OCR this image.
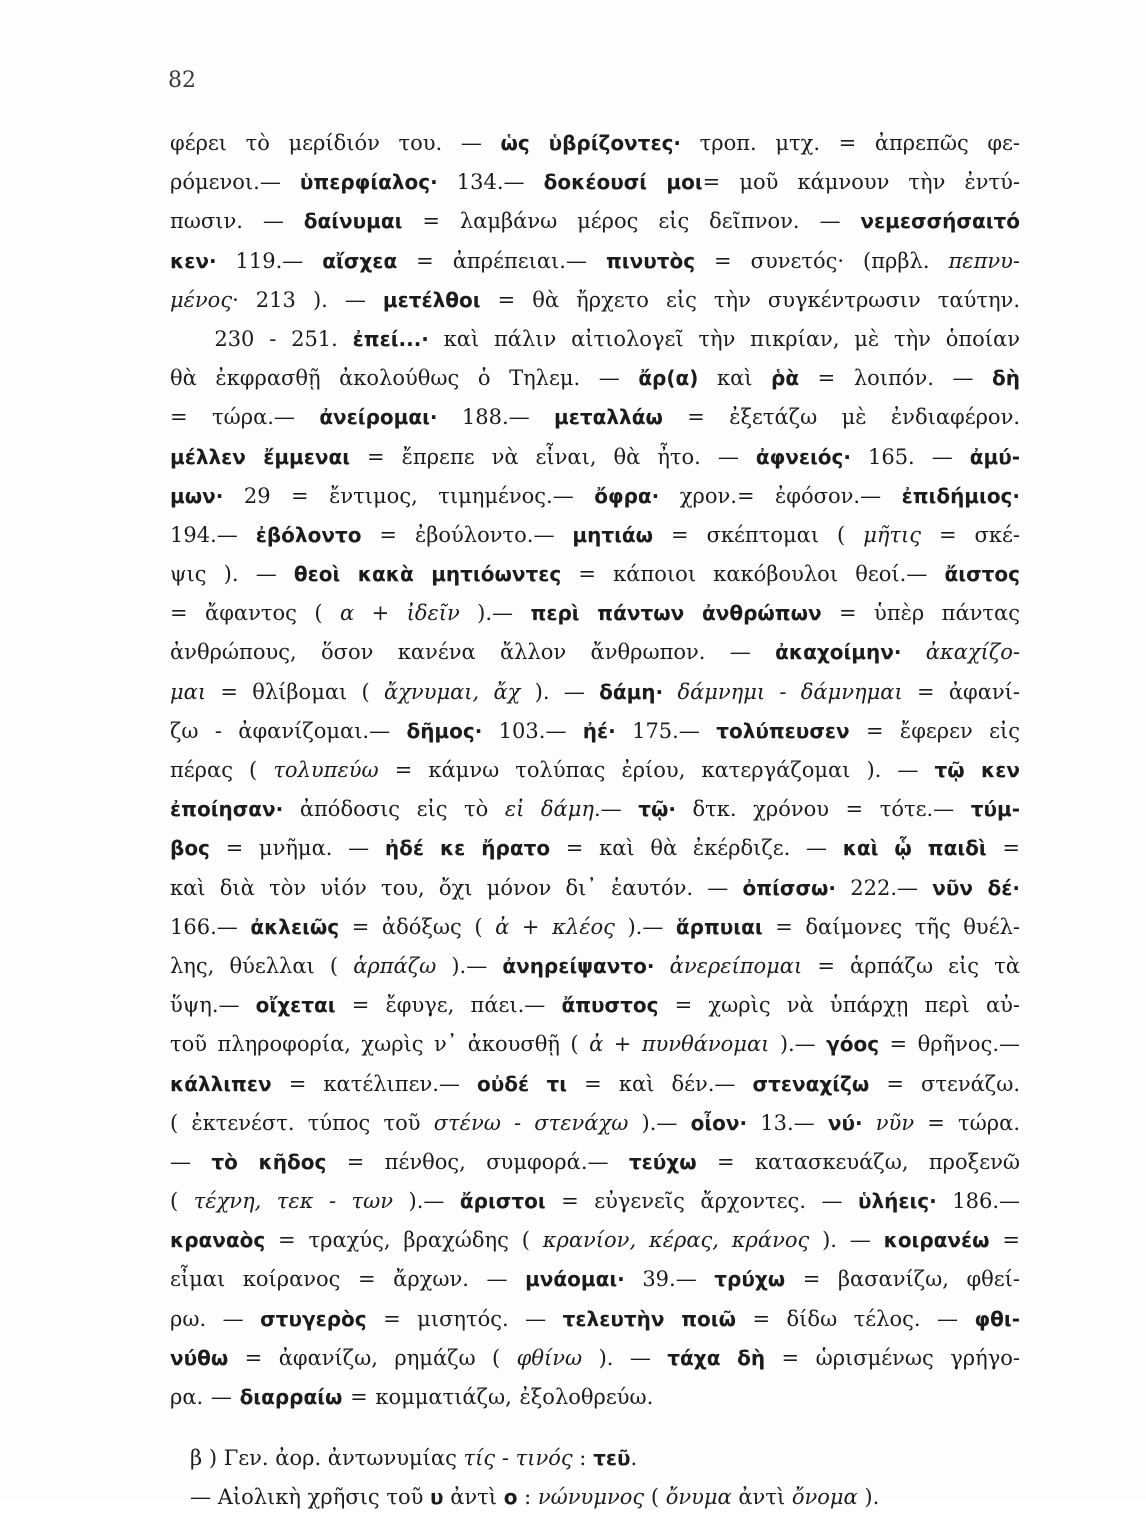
82
φέρει τὸ μερίδιόν του. — ὡς ὑβρίζοντες· τροπ. μτχ. = ἀπρεπῶς φε-
ρόμενοι.— ὑπερφίαλος· 134.— δοκέουσί μοι= μοῦ κάμνουν τὴν ἐντύ-
πωσιν. — δαίνυμαι = λαμβάνω μέρος εἰς δεῖπνον. — νεμεσσήσαιτό
κεν· 119.— αἴσχεα = ἀπρέπειαι.— πινυτὸς = συνετός· (πρβλ. πεπνυ-
μένος· 213 ). — μετέλθοι = θὰ ἤρχετο εἰς τὴν συγκέντρωσιν ταύτην.
230 - 251. ἐπεί...· καὶ πάλιν αἰτιολογεῖ τὴν πικρίαν, μὲ τὴν ὁποίαν
θὰ ἐκφρασθῇ ἀκολούθως ὁ Τηλεμ. — ἄρ(α) καὶ ῥὰ = λοιπόν. — δὴ
= τώρα.— ἀνείρομαι· 188.— μεταλλάω = ἐξετάζω μὲ ἐνδιαφέρον.
μέλλεν ἔμμεναι = ἔπρεπε νὰ εἶναι, θὰ ἦτο. — ἀφνειός· 165. — ἀμύ-
μων· 29 = ἔντιμος, τιμημένος.— ὄφρα· χρον.= ἐφόσον.— ἐπιδήμιος·
194.— ἐβόλοντο = ἐβούλοντο.— μητιάω = σκέπτομαι ( μῆτις = σκέ-
ψις ). — θεοὶ κακὰ μητιόωντες = κάποιοι κακόβουλοι θεοί.— ἄιστος
= ἄφαντος ( α + ἰδεῖν ).— περὶ πάντων ἀνθρώπων = ὑπὲρ πάντας
ἀνθρώπους, ὅσον κανένα ἄλλον ἄνθρωπον. — ἀκαχοίμην· ἀκαχίζο-
μαι = θλίβομαι ( ἄχνυμαι, ἄχ ). — δάμη· δάμνημι - δάμνημαι = ἀφανί-
ζω - ἀφανίζομαι.— δῆμος· 103.— ἠέ· 175.— τολύπευσεν = ἔφερεν εἰς
πέρας ( τολυπεύω = κάμνω τολύπας ἐρίου, κατεργάζομαι ). — τῷ κεν
ἐποίησαν· ἀπόδοσις εἰς τὸ εἰ δάμη.— τῷ· δτκ. χρόνου = τότε.— τύμ-
βος = μνῆμα. — ἠδέ κε ἤρατο = καὶ θὰ ἐκέρδιζε. — καὶ ᾧ παιδὶ =
καὶ διὰ τὸν υἱόν του, ὄχι μόνον δι᾽ ἑαυτόν. — ὀπίσσω· 222.— νῦν δέ·
166.— ἀκλειῶς = ἀδόξως ( ἀ + κλέος ).— ἅρπυιαι = δαίμονες τῆς θυέλ-
λης, θύελλαι ( ἁρπάζω ).— ἀνηρείψαντο· ἀνερείπομαι = ἁρπάζω εἰς τὰ
ὕψη.— οἴχεται = ἔφυγε, πάει.— ἄπυστος = χωρὶς νὰ ὑπάρχῃ περὶ αὐ-
τοῦ πληροφορία, χωρὶς ν᾽ ἀκουσθῇ ( ἀ + πυνθάνομαι ).— γόος = θρῆνος.—
κάλλιπεν = κατέλιπεν.— οὐδέ τι = καὶ δέν.— στεναχίζω = στενάζω.
( ἐκτενέστ. τύπος τοῦ στένω - στενάχω ).— οἶον· 13.— νύ· νῦν = τώρα.
— τὸ κῆδος = πένθος, συμφορά.— τεύχω = κατασκευάζω, προξενῶ
( τέχνη, τεκ - των ).— ἄριστοι = εὐγενεῖς ἄρχοντες. — ὑλήεις· 186.—
κραναὸς = τραχύς, βραχώδης ( κρανίον, κέρας, κράνος ). — κοιρανέω =
εἶμαι κοίρανος = ἄρχων. — μνάομαι· 39.— τρύχω = βασανίζω, φθεί-
ρω. — στυγερὸς = μισητός. — τελευτὴν ποιῶ = δίδω τέλος. — φθι-
νύθω = ἀφανίζω, ρημάζω ( φθίνω ). — τάχα δὴ = ὡρισμένως γρήγο-
ρα. — διαρραίω = κομματιάζω, ἐξολοθρεύω.
β ) Γεν. ἀορ. ἀντωνυμίας τίς - τινός : τεῦ.
— Αἰολικὴ χρῆσις τοῦ υ ἀντὶ ο : νώνυμνος ( ὄνυμα ἀντὶ ὄνομα ).
